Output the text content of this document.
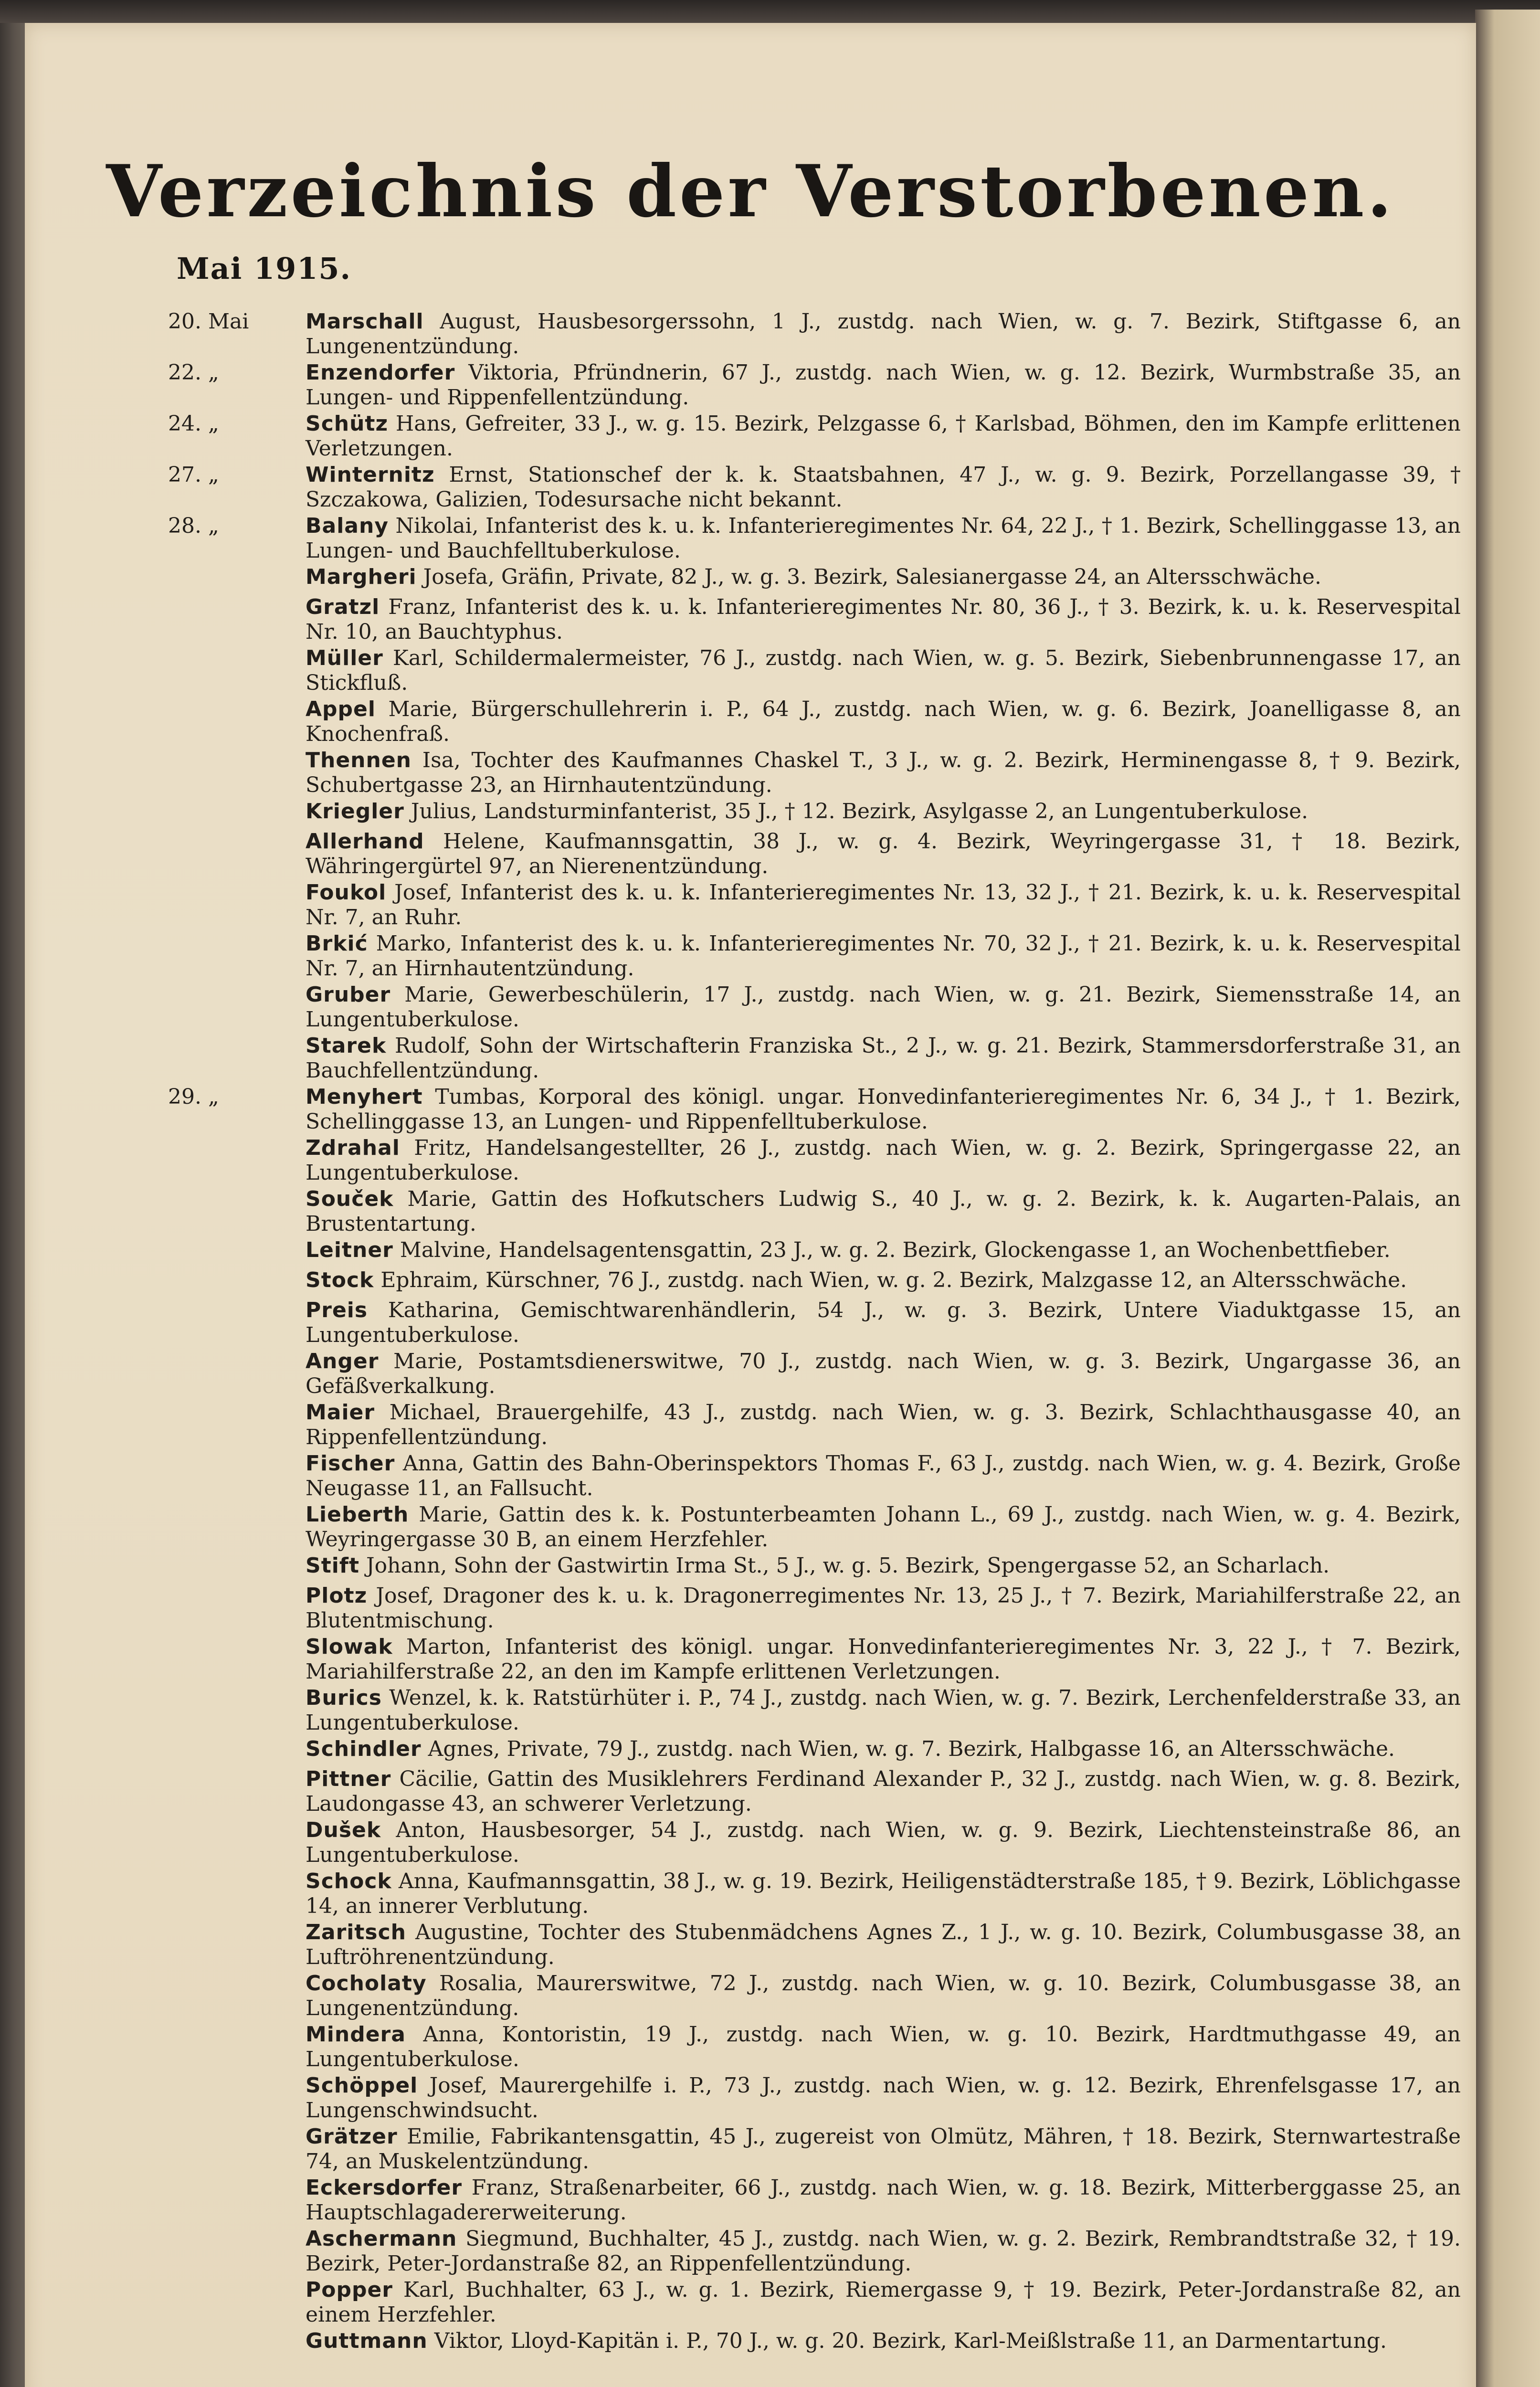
Verzeichnis der Verstorbenen.
Mai 1915.
20. Mai	Marschall August, Hausbesorgerssohn, 1 J., zustdg. nach Wien, w. g. 7. Bezirk, Stiftgasse 6, an Lungenentzündung.
22. „	Enzendorfer Viktoria, Pfründnerin, 67 J., zustdg. nach Wien, w. g. 12. Bezirk, Wurmbstraße 35, an Lungen- und Rippenfellentzündung.
24. „	Schütz Hans, Gefreiter, 33 J., w. g. 15. Bezirk, Pelzgasse 6, † Karlsbad, Böhmen, den im Kampfe erlittenen Verletzungen.
27. „	Winternitz Ernst, Stationschef der k. k. Staatsbahnen, 47 J., w. g. 9. Bezirk, Porzellangasse 39, † Szczakowa, Galizien, Todesursache nicht bekannt.
28. „	Balany Nikolai, Infanterist des k. u. k. Infanterieregimentes Nr. 64, 22 J., † 1. Bezirk, Schellinggasse 13, an Lungen- und Bauchfelltuberkulose.
Margheri Josefa, Gräfin, Private, 82 J., w. g. 3. Bezirk, Salesianergasse 24, an Altersschwäche.
Gratzl Franz, Infanterist des k. u. k. Infanterieregimentes Nr. 80, 36 J., † 3. Bezirk, k. u. k. Reservespital Nr. 10, an Bauchtyphus.
Müller Karl, Schildermalermeister, 76 J., zustdg. nach Wien, w. g. 5. Bezirk, Siebenbrunnengasse 17, an Stickfluß.
Appel Marie, Bürgerschullehrerin i. P., 64 J., zustdg. nach Wien, w. g. 6. Bezirk, Joanelligasse 8, an Knochenfraß.
Thennen Isa, Tochter des Kaufmannes Chaskel T., 3 J., w. g. 2. Bezirk, Herminengasse 8, † 9. Bezirk, Schubertgasse 23, an Hirnhautentzündung.
Kriegler Julius, Landsturminfanterist, 35 J., † 12. Bezirk, Asylgasse 2, an Lungentuberkulose.
Allerhand Helene, Kaufmannsgattin, 38 J., w. g. 4. Bezirk, Weyringergasse 31, † 18. Bezirk, Währingergürtel 97, an Nierenentzündung.
Foukol Josef, Infanterist des k. u. k. Infanterieregimentes Nr. 13, 32 J., † 21. Bezirk, k. u. k. Reservespital Nr. 7, an Ruhr.
Brkić Marko, Infanterist des k. u. k. Infanterieregimentes Nr. 70, 32 J., † 21. Bezirk, k. u. k. Reservespital Nr. 7, an Hirnhautentzündung.
Gruber Marie, Gewerbeschülerin, 17 J., zustdg. nach Wien, w. g. 21. Bezirk, Siemensstraße 14, an Lungentuberkulose.
Starek Rudolf, Sohn der Wirtschafterin Franziska St., 2 J., w. g. 21. Bezirk, Stammersdorferstraße 31, an Bauchfellentzündung.
29. „	Menyhert Tumbas, Korporal des königl. ungar. Honvedinfanterieregimentes Nr. 6, 34 J., † 1. Bezirk, Schellinggasse 13, an Lungen- und Rippenfelltuberkulose.
Zdrahal Fritz, Handelsangestellter, 26 J., zustdg. nach Wien, w. g. 2. Bezirk, Springergasse 22, an Lungentuberkulose.
Souček Marie, Gattin des Hofkutschers Ludwig S., 40 J., w. g. 2. Bezirk, k. k. Augarten-Palais, an Brustentartung.
Leitner Malvine, Handelsagentensgattin, 23 J., w. g. 2. Bezirk, Glockengasse 1, an Wochenbettfieber.
Stock Ephraim, Kürschner, 76 J., zustdg. nach Wien, w. g. 2. Bezirk, Malzgasse 12, an Altersschwäche.
Preis Katharina, Gemischtwarenhändlerin, 54 J., w. g. 3. Bezirk, Untere Viaduktgasse 15, an Lungentuberkulose.
Anger Marie, Postamtsdienerswitwe, 70 J., zustdg. nach Wien, w. g. 3. Bezirk, Ungargasse 36, an Gefäßverkalkung.
Maier Michael, Brauergehilfe, 43 J., zustdg. nach Wien, w. g. 3. Bezirk, Schlachthausgasse 40, an Rippenfellentzündung.
Fischer Anna, Gattin des Bahn-Oberinspektors Thomas F., 63 J., zustdg. nach Wien, w. g. 4. Bezirk, Große Neugasse 11, an Fallsucht.
Lieberth Marie, Gattin des k. k. Postunterbeamten Johann L., 69 J., zustdg. nach Wien, w. g. 4. Bezirk, Weyringergasse 30 B, an einem Herzfehler.
Stift Johann, Sohn der Gastwirtin Irma St., 5 J., w. g. 5. Bezirk, Spengergasse 52, an Scharlach.
Plotz Josef, Dragoner des k. u. k. Dragonerregimentes Nr. 13, 25 J., † 7. Bezirk, Mariahilferstraße 22, an Blutentmischung.
Slowak Marton, Infanterist des königl. ungar. Honvedinfanterieregimentes Nr. 3, 22 J., † 7. Bezirk, Mariahilferstraße 22, an den im Kampfe erlittenen Verletzungen.
Burics Wenzel, k. k. Ratstürhüter i. P., 74 J., zustdg. nach Wien, w. g. 7. Bezirk, Lerchenfelderstraße 33, an Lungentuberkulose.
Schindler Agnes, Private, 79 J., zustdg. nach Wien, w. g. 7. Bezirk, Halbgasse 16, an Altersschwäche.
Pittner Cäcilie, Gattin des Musiklehrers Ferdinand Alexander P., 32 J., zustdg. nach Wien, w. g. 8. Bezirk, Laudongasse 43, an schwerer Verletzung.
Dušek Anton, Hausbesorger, 54 J., zustdg. nach Wien, w. g. 9. Bezirk, Liechtensteinstraße 86, an Lungentuberkulose.
Schock Anna, Kaufmannsgattin, 38 J., w. g. 19. Bezirk, Heiligenstädterstraße 185, † 9. Bezirk, Löblichgasse 14, an innerer Verblutung.
Zaritsch Augustine, Tochter des Stubenmädchens Agnes Z., 1 J., w. g. 10. Bezirk, Columbusgasse 38, an Luftröhrenentzündung.
Cocholaty Rosalia, Maurerswitwe, 72 J., zustdg. nach Wien, w. g. 10. Bezirk, Columbusgasse 38, an Lungenentzündung.
Mindera Anna, Kontoristin, 19 J., zustdg. nach Wien, w. g. 10. Bezirk, Hardtmuthgasse 49, an Lungentuberkulose.
Schöppel Josef, Maurergehilfe i. P., 73 J., zustdg. nach Wien, w. g. 12. Bezirk, Ehrenfelsgasse 17, an Lungenschwindsucht.
Grätzer Emilie, Fabrikantensgattin, 45 J., zugereist von Olmütz, Mähren, † 18. Bezirk, Sternwartestraße 74, an Muskelentzündung.
Eckersdorfer Franz, Straßenarbeiter, 66 J., zustdg. nach Wien, w. g. 18. Bezirk, Mitterberggasse 25, an Hauptschlagadererweiterung.
Aschermann Siegmund, Buchhalter, 45 J., zustdg. nach Wien, w. g. 2. Bezirk, Rembrandtstraße 32, † 19. Bezirk, Peter-Jordanstraße 82, an Rippenfellentzündung.
Popper Karl, Buchhalter, 63 J., w. g. 1. Bezirk, Riemergasse 9, † 19. Bezirk, Peter-Jordanstraße 82, an einem Herzfehler.
Guttmann Viktor, Lloyd-Kapitän i. P., 70 J., w. g. 20. Bezirk, Karl-Meißlstraße 11, an Darmentartung.
